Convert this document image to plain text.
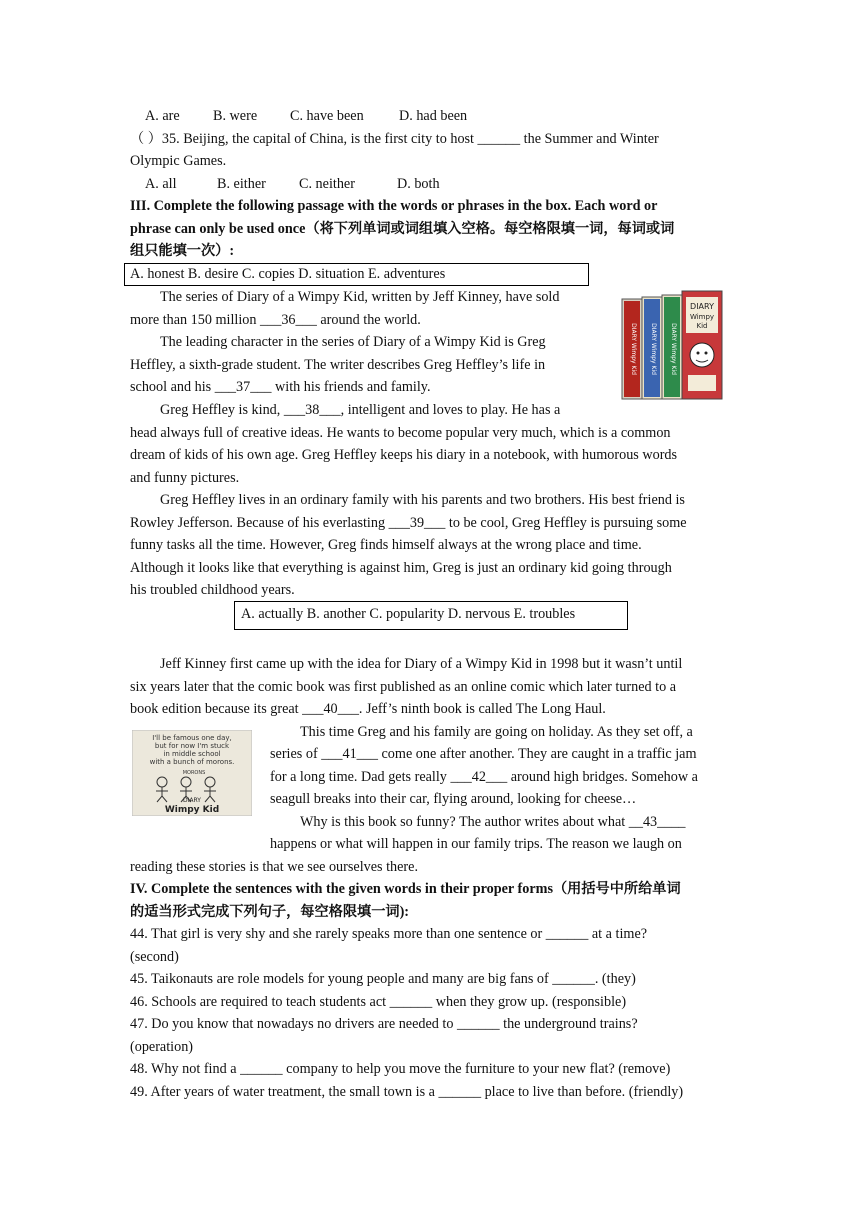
A. are B. were C. have been D. had been
（ ）35. Beijing, the capital of China, is the first city to host ______ the Summer and Winter
Olympic Games.
A. all	B. either C. neither	D. both
III. Complete the following passage with the words or phrases in the box. Each word or
phrase can only be used once（将下列单词或词组填入空格。每空格限填一词，每词或词
组只能填一次）:
A. honest B. desire C. copies D. situation E. adventures
DIARY
Wimpy
Kid
DIARY Wimpy Kid DIARY Wimpy Kid DIARY Wimpy Kid
The series of Diary of a Wimpy Kid, written by Jeff Kinney, have sold
more than 150 million ___36___ around the world.
The leading character in the series of Diary of a Wimpy Kid is Greg
Heffley, a sixth-grade student. The writer describes Greg Heffley’s life in
school and his ___37___ with his friends and family.
Greg Heffley is kind, ___38___, intelligent and loves to play. He has a
head always full of creative ideas. He wants to become popular very much, which is a common
dream of kids of his own age. Greg Heffley keeps his diary in a notebook, with humorous words
and funny pictures.
Greg Heffley lives in an ordinary family with his parents and two brothers. His best friend is
Rowley Jefferson. Because of his everlasting ___39___ to be cool, Greg Heffley is pursuing some
funny tasks all the time. However, Greg finds himself always at the wrong place and time.
Although it looks like that everything is against him, Greg is just an ordinary kid going through
his troubled childhood years.
A. actually B. another C. popularity D. nervous E. troubles
Jeff Kinney first came up with the idea for Diary of a Wimpy Kid in 1998 but it wasn’t until
six years later that the comic book was first published as an online comic which later turned to a
book edition because its great ___40___. Jeff’s ninth book is called The Long Haul.
I'll be famous one day,
but for now I'm stuck
in middle school
with a bunch of morons.
MORONS
DIARY
Wimpy Kid
This time Greg and his family are going on holiday. As they set off, a
series of ___41___ come one after another. They are caught in a traffic jam
for a long time. Dad gets really ___42___ around high bridges. Somehow a
seagull breaks into their car, flying around, looking for cheese…
Why is this book so funny? The author writes about what __43____
happens or what will happen in our family trips. The reason we laugh on
reading these stories is that we see ourselves there.
IV. Complete the sentences with the given words in their proper forms（用括号中所给单词
的适当形式完成下列句子，每空格限填一词):
44. That girl is very shy and she rarely speaks more than one sentence or ______ at a time?
(second)
45. Taikonauts are role models for young people and many are big fans of ______. (they)
46. Schools are required to teach students act ______ when they grow up. (responsible)
47. Do you know that nowadays no drivers are needed to ______ the underground trains?
(operation)
48. Why not find a ______ company to help you move the furniture to your new flat? (remove)
49. After years of water treatment, the small town is a ______ place to live than before. (friendly)
